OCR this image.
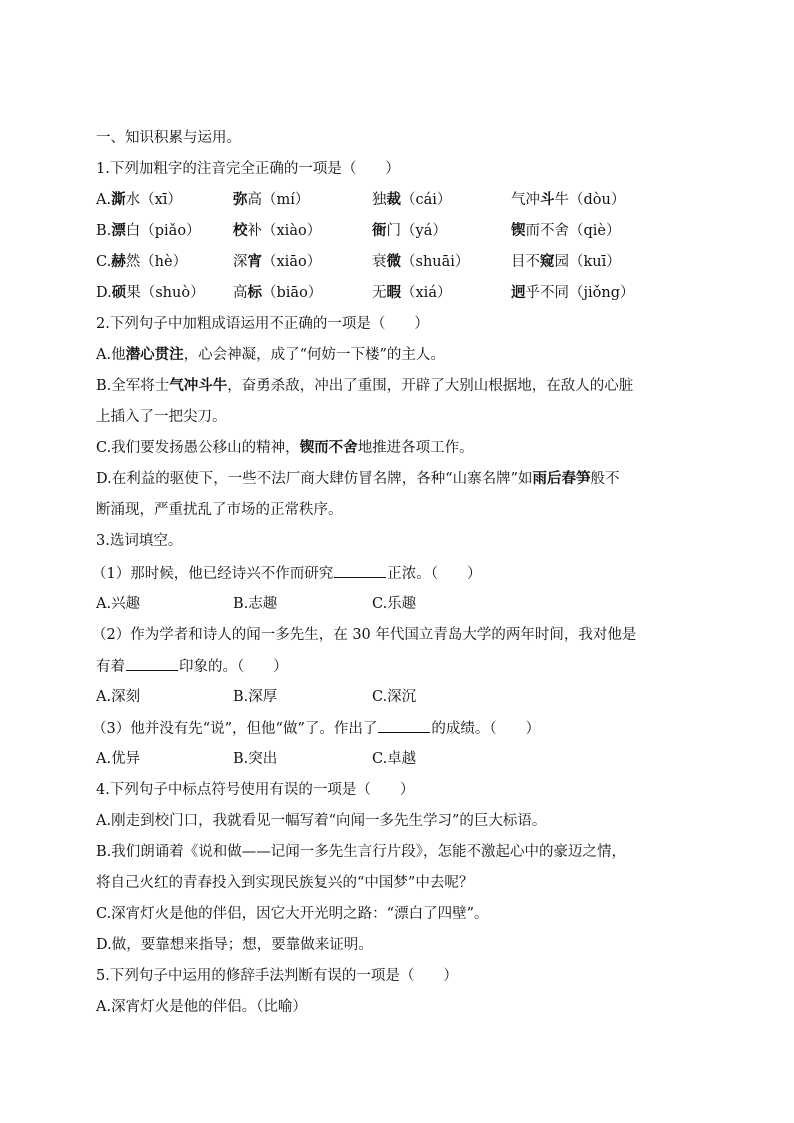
一、知识积累与运用。
1.下列加粗字的注音完全正确的一项是（　　）
A.澌水（xī）	弥高（mí）	独裁（cái）	气冲斗牛（dòu）
B.漂白（piǎo） 校补（xiào）	衙门（yá）	锲而不舍（qiè）
C.赫然（hè）	深宵（xiāo）	衰微（shuāi）	目不窥园（kuī）
D.硕果（shuò） 高标（biāo）	无暇（xiá）	迥乎不同（jiǒng）
2.下列句子中加粗成语运用不正确的一项是（　　）
A.他潜心贯注，心会神凝，成了“何妨一下楼”的主人。
B.全军将士气冲斗牛，奋勇杀敌，冲出了重围，开辟了大别山根据地，在敌人的心脏
上插入了一把尖刀。
C.我们要发扬愚公移山的精神，锲而不舍地推进各项工作。
D.在利益的驱使下，一些不法厂商大肆仿冒名牌，各种“山寨名牌”如雨后春笋般不
断涌现，严重扰乱了市场的正常秩序。
3.选词填空。
（1）那时候，他已经诗兴不作而研究	正浓。（　　）
A.兴趣	B.志趣	C.乐趣
（2）作为学者和诗人的闻一多先生，在 30 年代国立青岛大学的两年时间，我对他是
有着	印象的。（　　）
A.深刻	B.深厚	C.深沉
（3）他并没有先“说”，但他“做”了。作出了	的成绩。（　　）
A.优异	B.突出	C.卓越
4.下列句子中标点符号使用有误的一项是（　　）
A.刚走到校门口，我就看见一幅写着“向闻一多先生学习”的巨大标语。
B.我们朗诵着《说和做——记闻一多先生言行片段》，怎能不激起心中的豪迈之情，
将自己火红的青春投入到实现民族复兴的“中国梦”中去呢？
C.深宵灯火是他的伴侣，因它大开光明之路：“漂白了四壁”。
D.做，要靠想来指导；想，要靠做来证明。
5.下列句子中运用的修辞手法判断有误的一项是（　　）
A.深宵灯火是他的伴侣。（比喻）
